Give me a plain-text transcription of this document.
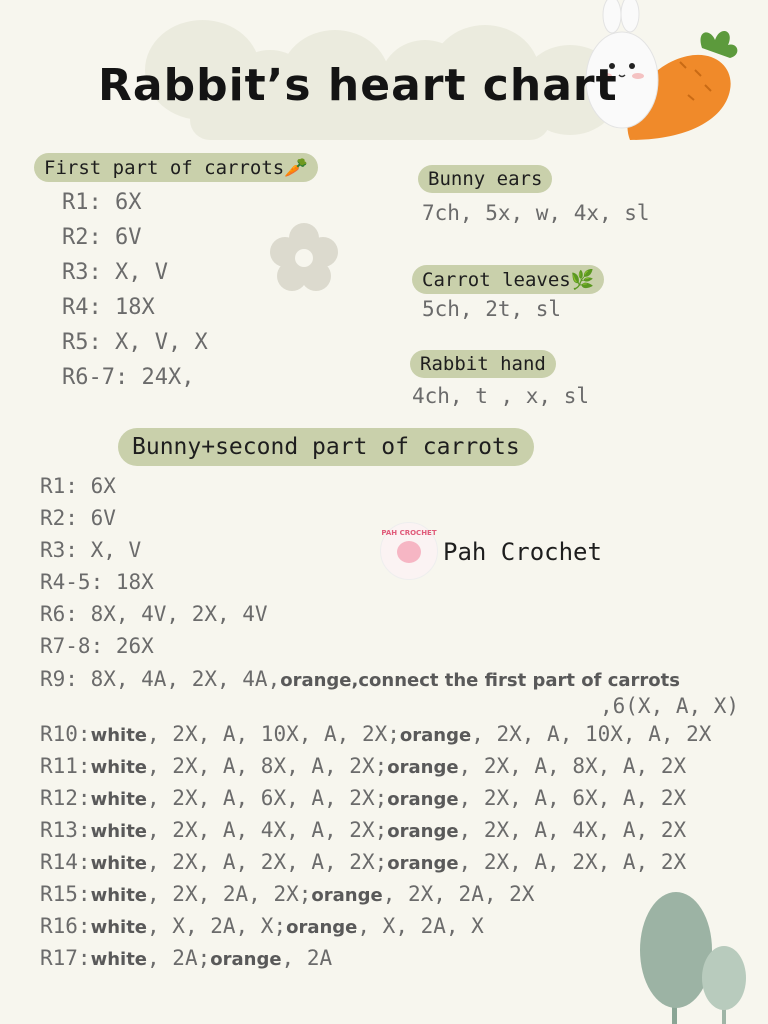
Rabbit’s heart chart
First part of carrots🥕
R1: 6X
R2: 6V
R3: X, V
R4: 18X
R5: X, V, X
R6-7: 24X,
Bunny ears
7ch, 5x, w, 4x, sl
Carrot leaves🌿
5ch, 2t, sl
Rabbit hand
4ch, t , x, sl
Bunny+second part of carrots
PAH CROCHET
Pah Crochet
R1: 6X
R2: 6V
R3: X, V
R4-5: 18X
R6: 8X, 4V, 2X, 4V
R7-8: 26X
R9: 8X, 4A, 2X, 4A,orange,connect the first part of carrots
,6(X, A, X)
R10:white, 2X, A, 10X, A, 2X;orange, 2X, A, 10X, A, 2X
R11:white, 2X, A, 8X, A, 2X;orange, 2X, A, 8X, A, 2X
R12:white, 2X, A, 6X, A, 2X;orange, 2X, A, 6X, A, 2X
R13:white, 2X, A, 4X, A, 2X;orange, 2X, A, 4X, A, 2X
R14:white, 2X, A, 2X, A, 2X;orange, 2X, A, 2X, A, 2X
R15:white, 2X, 2A, 2X;orange, 2X, 2A, 2X
R16:white, X, 2A, X;orange, X, 2A, X
R17:white, 2A;orange, 2A
